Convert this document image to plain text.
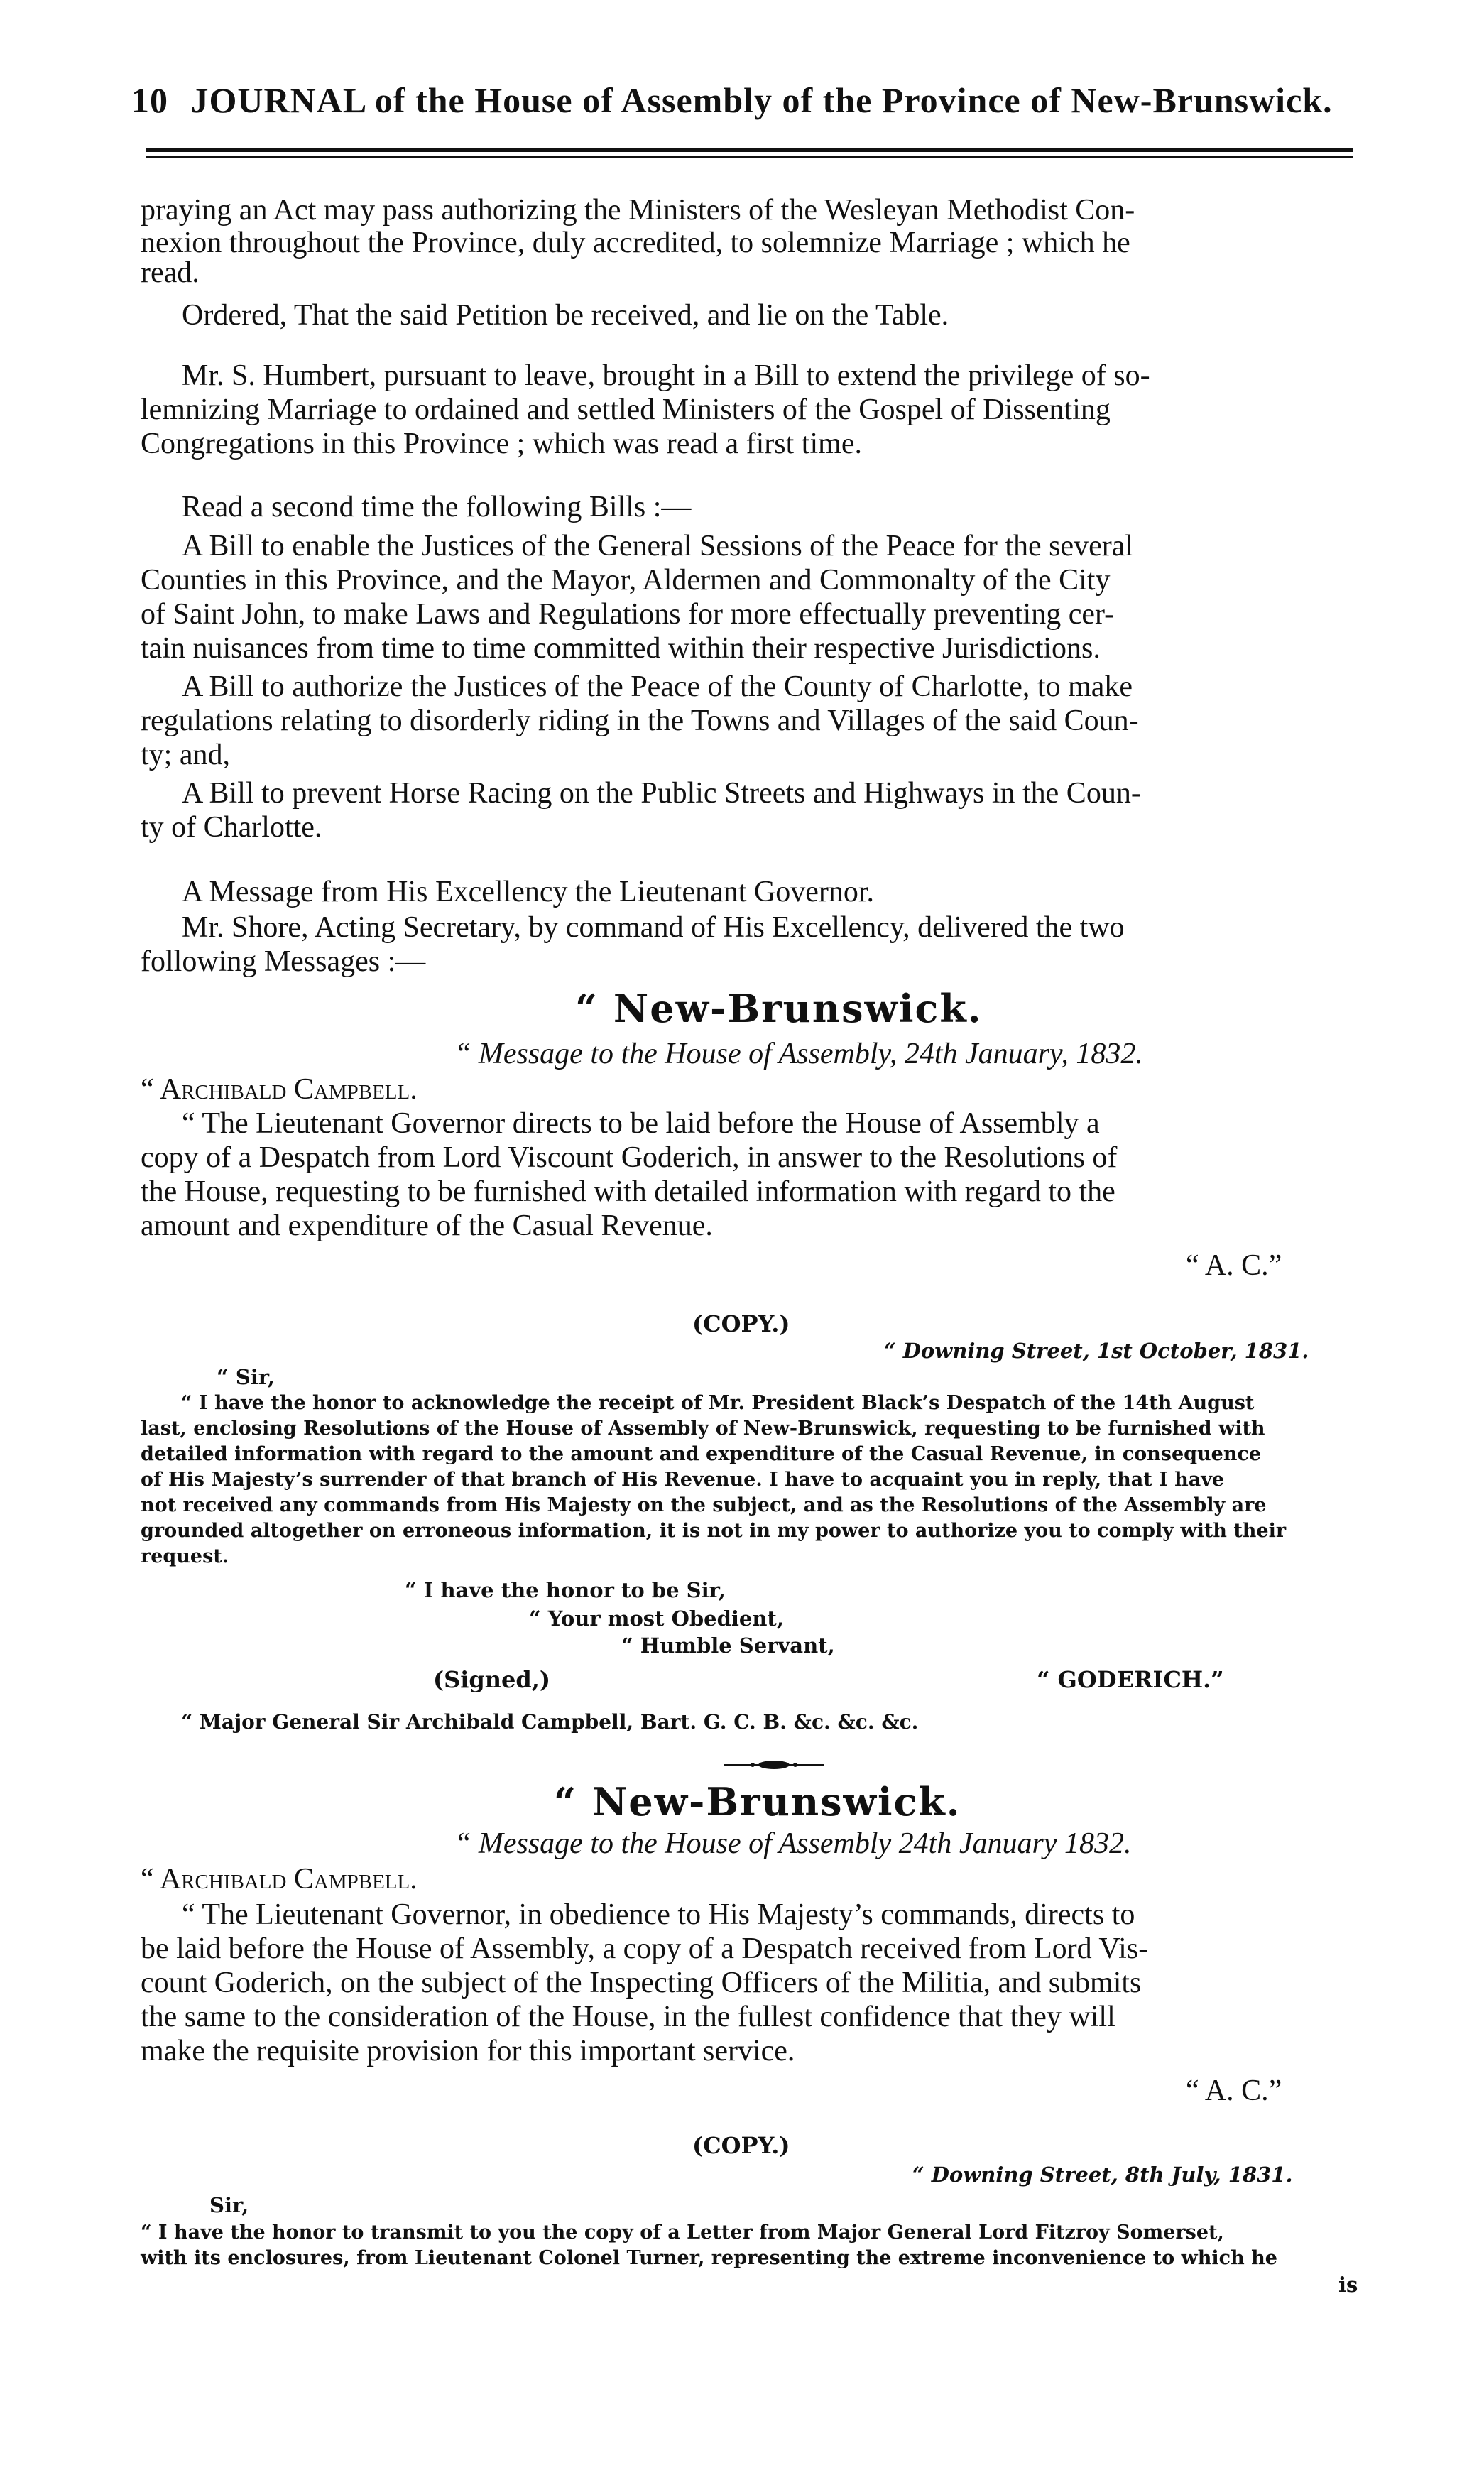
10 JOURNAL of the House of Assembly of the Province of New-Brunswick.
praying an Act may pass authorizing the Ministers of the Wesleyan Methodist Con-
nexion throughout the Province, duly accredited, to solemnize Marriage ; which he
read.
Ordered, That the said Petition be received, and lie on the Table.
Mr. S. Humbert, pursuant to leave, brought in a Bill to extend the privilege of so-
lemnizing Marriage to ordained and settled Ministers of the Gospel of Dissenting
Congregations in this Province ; which was read a first time.
Read a second time the following Bills :—
A Bill to enable the Justices of the General Sessions of the Peace for the several
Counties in this Province, and the Mayor, Aldermen and Commonalty of the City
of Saint John, to make Laws and Regulations for more effectually preventing cer-
tain nuisances from time to time committed within their respective Jurisdictions.
A Bill to authorize the Justices of the Peace of the County of Charlotte, to make
regulations relating to disorderly riding in the Towns and Villages of the said Coun-
ty; and,
A Bill to prevent Horse Racing on the Public Streets and Highways in the Coun-
ty of Charlotte.
A Message from His Excellency the Lieutenant Governor.
Mr. Shore, Acting Secretary, by command of His Excellency, delivered the two
following Messages :—
“ New-Brunswick.
“ Message to the House of Assembly, 24th January, 1832.
“ Archibald Campbell.
“ The Lieutenant Governor directs to be laid before the House of Assembly a
copy of a Despatch from Lord Viscount Goderich, in answer to the Resolutions of
the House, requesting to be furnished with detailed information with regard to the
amount and expenditure of the Casual Revenue.
“ A. C.”
(COPY.)
“ Downing Street, 1st October, 1831.
“ Sir,
“ I have the honor to acknowledge the receipt of Mr. President Black’s Despatch of the 14th August
last, enclosing Resolutions of the House of Assembly of New-Brunswick, requesting to be furnished with
detailed information with regard to the amount and expenditure of the Casual Revenue, in consequence
of His Majesty’s surrender of that branch of His Revenue. I have to acquaint you in reply, that I have
not received any commands from His Majesty on the subject, and as the Resolutions of the Assembly are
grounded altogether on erroneous information, it is not in my power to authorize you to comply with their
request.
“ I have the honor to be Sir,
“ Your most Obedient,
“ Humble Servant,
(Signed,)	“ GODERICH.”
“ Major General Sir Archibald Campbell, Bart. G. C. B. &c. &c. &c.
“ New-Brunswick.
“ Message to the House of Assembly 24th January 1832.
“ Archibald Campbell.
“ The Lieutenant Governor, in obedience to His Majesty’s commands, directs to
be laid before the House of Assembly, a copy of a Despatch received from Lord Vis-
count Goderich, on the subject of the Inspecting Officers of the Militia, and submits
the same to the consideration of the House, in the fullest confidence that they will
make the requisite provision for this important service.
“ A. C.”
(COPY.)
“ Downing Street, 8th July, 1831.
Sir,
“ I have the honor to transmit to you the copy of a Letter from Major General Lord Fitzroy Somerset,
with its enclosures, from Lieutenant Colonel Turner, representing the extreme inconvenience to which he
is
